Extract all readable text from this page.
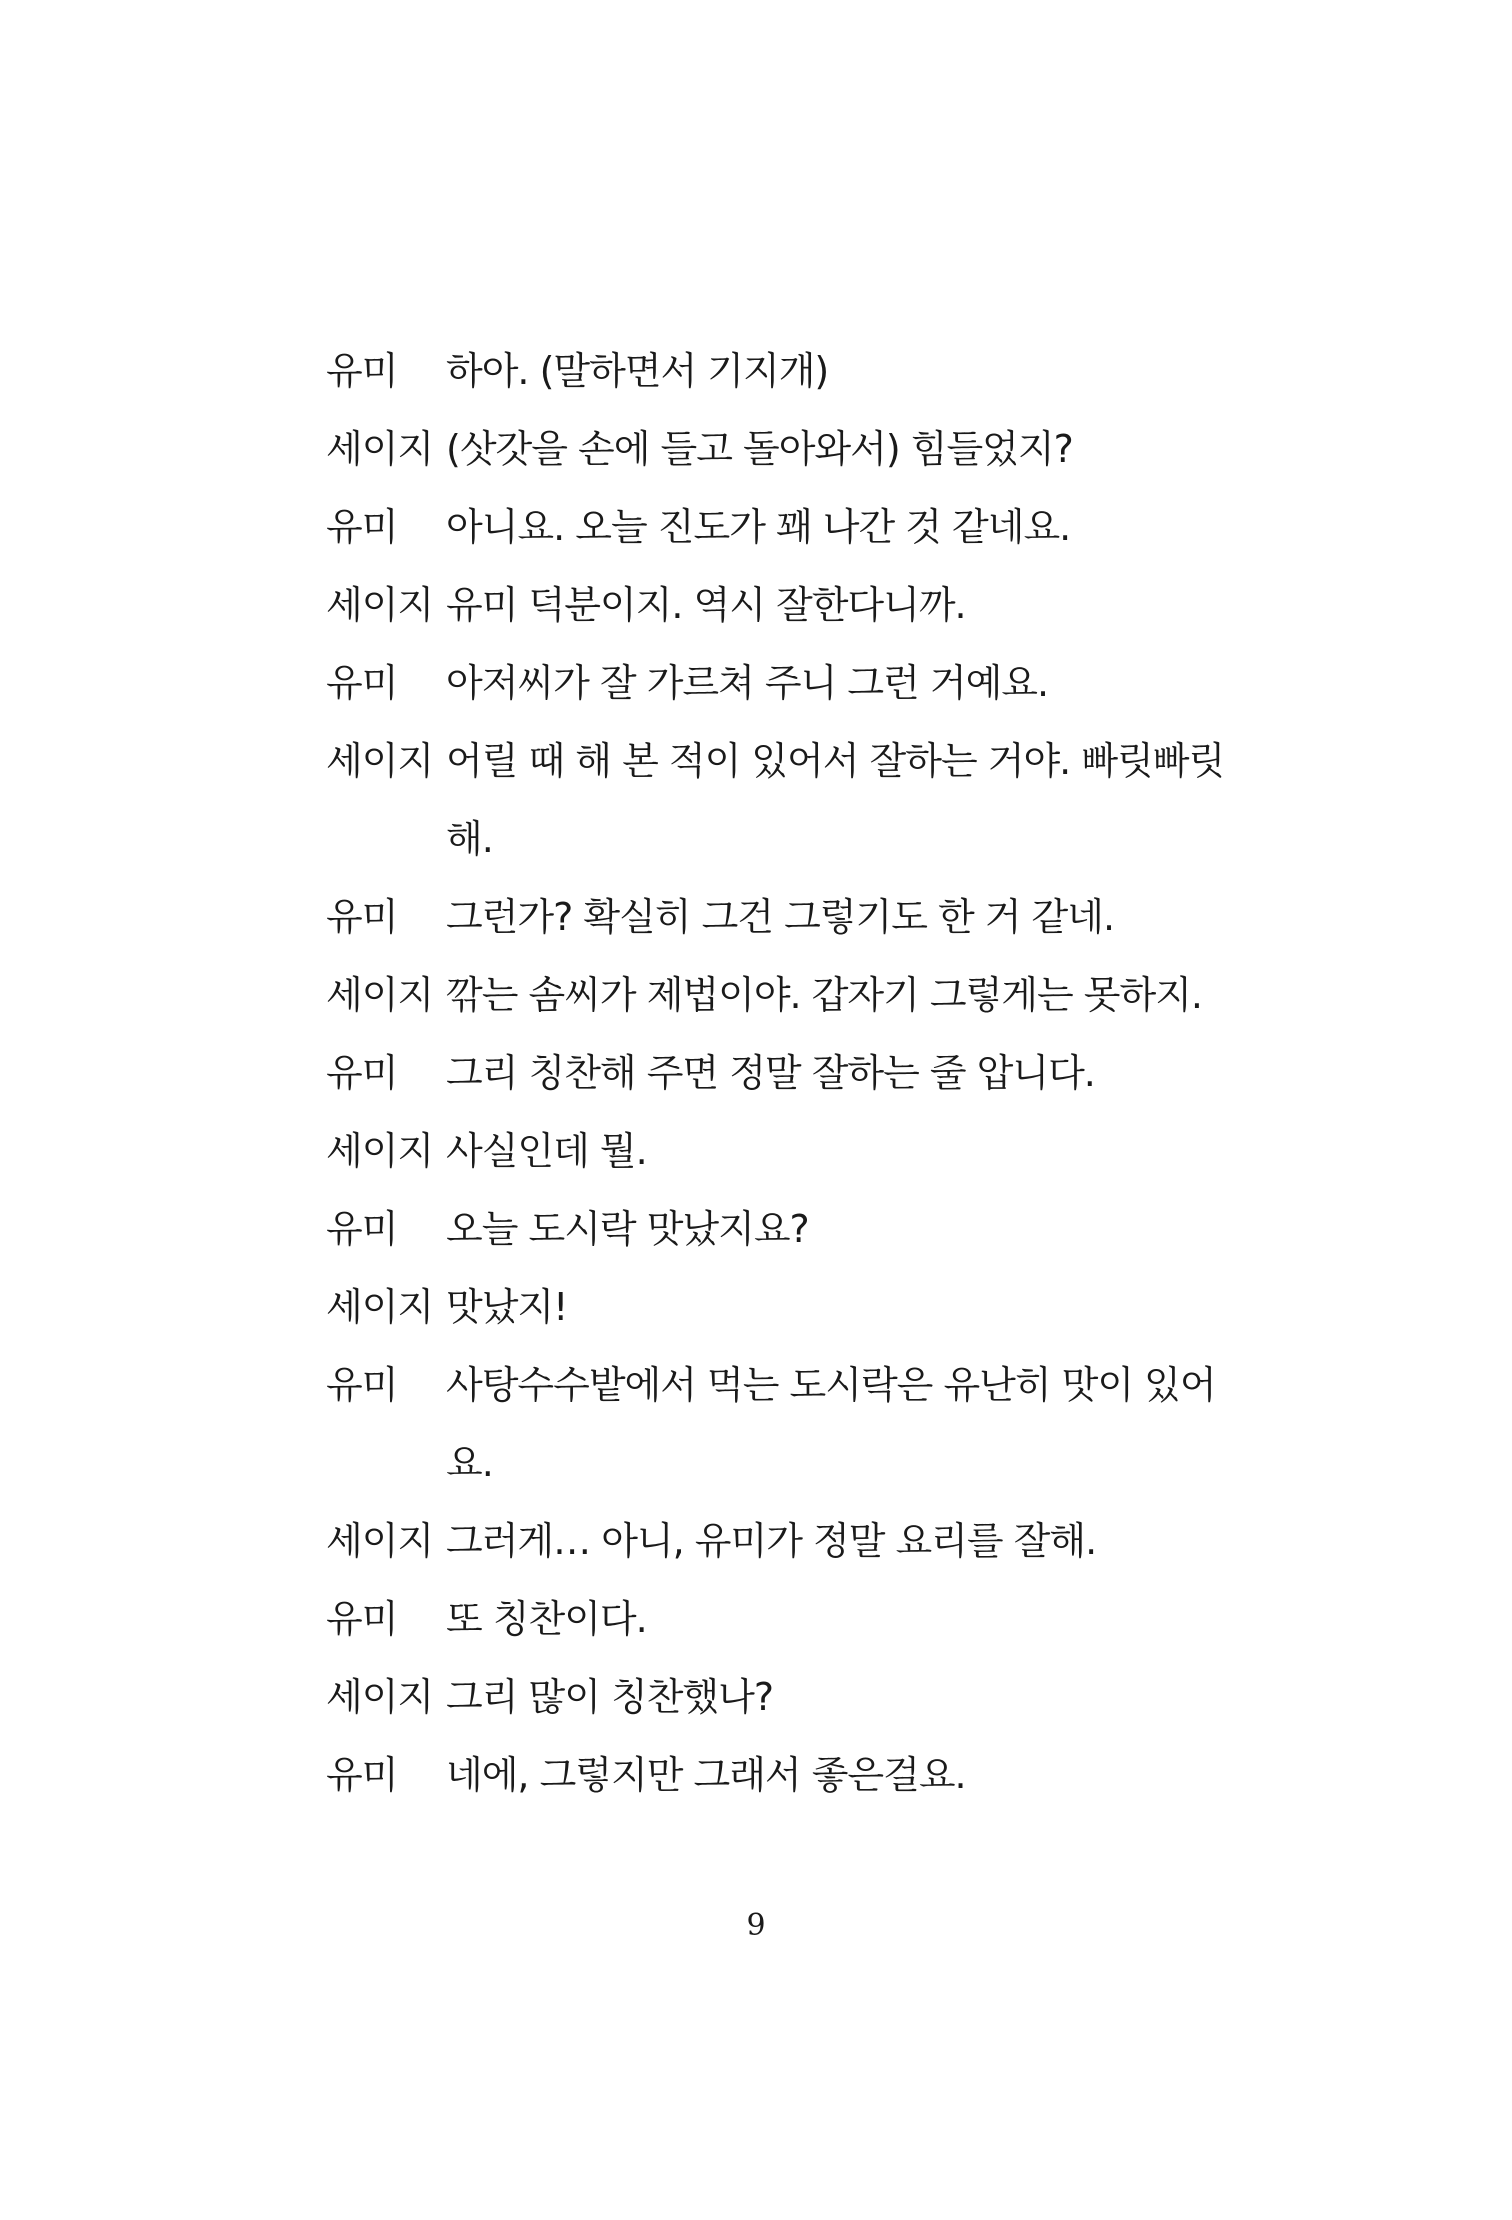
유미	하아. (말하면서 기지개)
세이지 (삿갓을 손에 들고 돌아와서) 힘들었지?
유미	아니요. 오늘 진도가 꽤 나간 것 같네요.
세이지 유미 덕분이지. 역시 잘한다니까.
유미	아저씨가 잘 가르쳐 주니 그런 거예요.
세이지 어릴 때 해 본 적이 있어서 잘하는 거야. 빠릿빠릿해.
유미	그런가? 확실히 그건 그렇기도 한 거 같네.
세이지 깎는 솜씨가 제법이야. 갑자기 그렇게는 못하지.
유미	그리 칭찬해 주면 정말 잘하는 줄 압니다.
세이지 사실인데 뭘.
유미	오늘 도시락 맛났지요?
세이지 맛났지!
유미	사탕수수밭에서 먹는 도시락은 유난히 맛이 있어요.
세이지 그러게… 아니, 유미가 정말 요리를 잘해.
유미	또 칭찬이다.
세이지 그리 많이 칭찬했나?
유미	네에, 그렇지만 그래서 좋은걸요.
9
